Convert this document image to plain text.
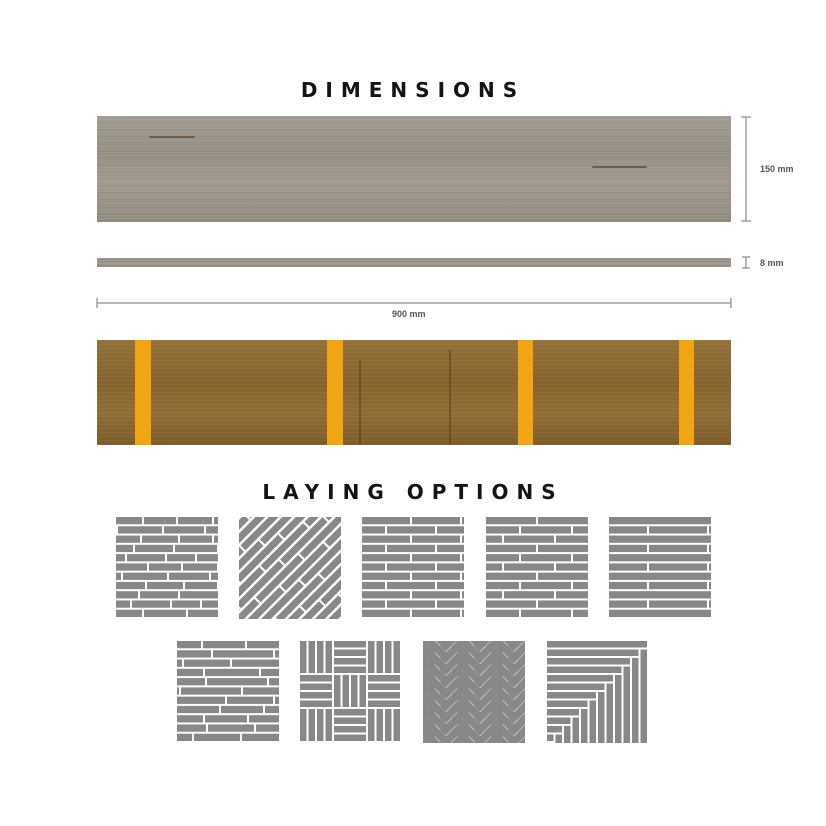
DIMENSIONS
150 mm
8 mm
900 mm
LAYING OPTIONS
